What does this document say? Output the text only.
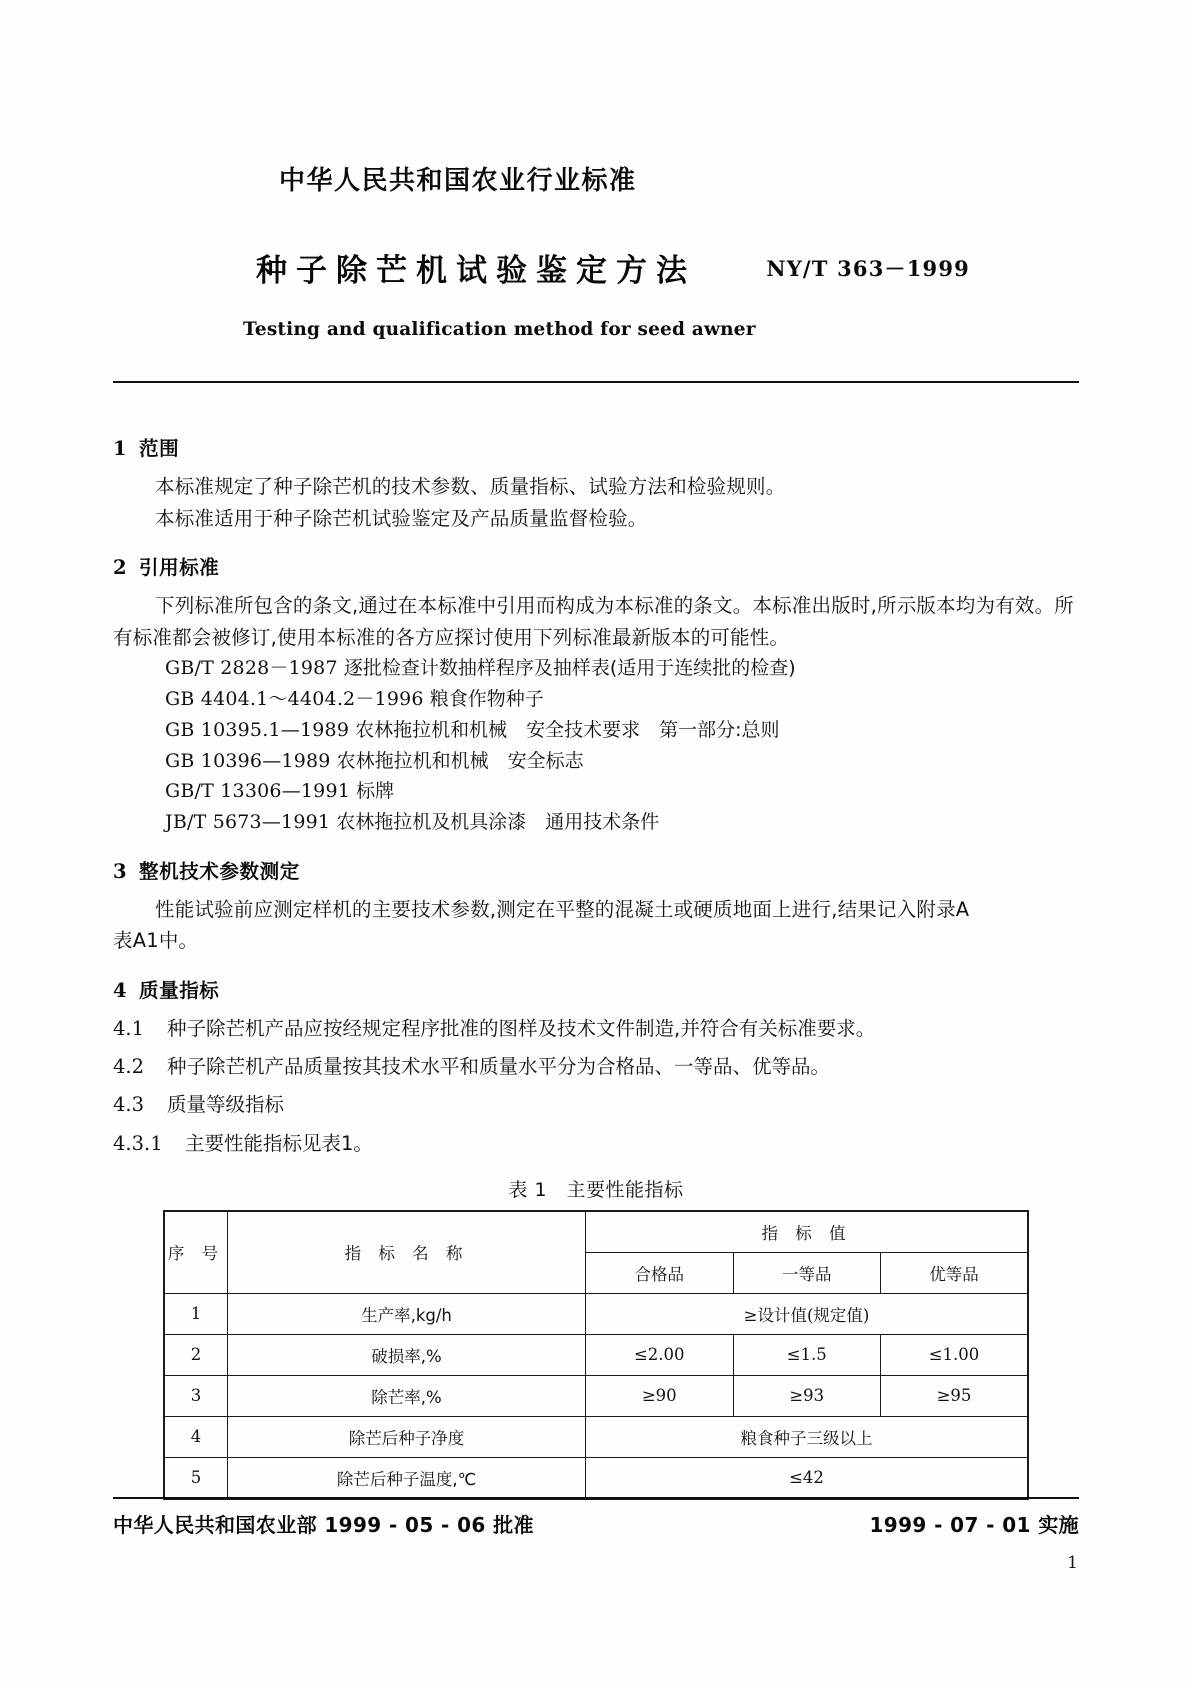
中华人民共和国农业行业标准
种子除芒机试验鉴定方法	NY/T 363－1999
Testing and qualification method for seed awner
1 范围
本标准规定了种子除芒机的技术参数、质量指标、试验方法和检验规则。
本标准适用于种子除芒机试验鉴定及产品质量监督检验。
2 引用标准
下列标准所包含的条文,通过在本标准中引用而构成为本标准的条文。本标准出版时,所示版本均为有效。所有标准都会被修订,使用本标准的各方应探讨使用下列标准最新版本的可能性。
GB/T 2828－1987 逐批检查计数抽样程序及抽样表(适用于连续批的检查)
GB 4404.1～4404.2－1996 粮食作物种子
GB 10395.1—1989 农林拖拉机和机械　安全技术要求　第一部分:总则
GB 10396—1989 农林拖拉机和机械　安全标志
GB/T 13306—1991 标牌
JB/T 5673—1991 农林拖拉机及机具涂漆　通用技术条件
3 整机技术参数测定
性能试验前应测定样机的主要技术参数,测定在平整的混凝土或硬质地面上进行,结果记入附录A
表A1中。
4 质量指标
4.1 种子除芒机产品应按经规定程序批准的图样及技术文件制造,并符合有关标准要求。
4.2 种子除芒机产品质量按其技术水平和质量水平分为合格品、一等品、优等品。
4.3 质量等级指标
4.3.1 主要性能指标见表1。
表 1　主要性能指标
序 号	指 标 名 称	指 标 值		
		合格品	一等品	优等品
1	生产率,kg/h	≥设计值(规定值)		
2	破损率,%	≤2.00	≤1.5	≤1.00
3	除芒率,%	≥90	≥93	≥95
4	除芒后种子净度	粮食种子三级以上		
5	除芒后种子温度,℃	≤42		
中华人民共和国农业部 1999 - 05 - 06 批准	1999 - 07 - 01 实施
1
